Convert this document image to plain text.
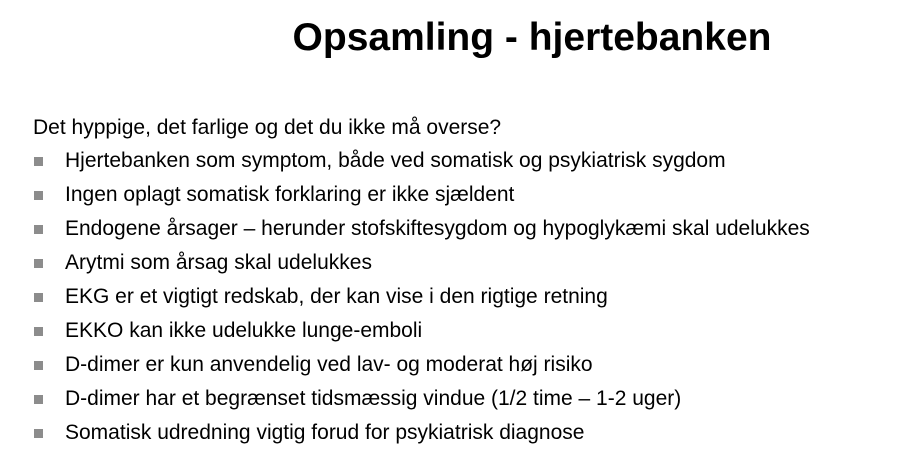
Opsamling - hjertebanken

Det hyppige, det farlige og det du ikke må overse?

Hjertebanken som symptom, både ved somatisk og psykiatrisk sygdom
Ingen oplagt somatisk forklaring er ikke sjældent
Endogene årsager – herunder stofskiftesygdom og hypoglykæmi skal udelukkes
Arytmi som årsag skal udelukkes
EKG er et vigtigt redskab, der kan vise i den rigtige retning
EKKO kan ikke udelukke lunge-emboli
D-dimer er kun anvendelig ved lav- og moderat høj risiko
D-dimer har et begrænset tidsmæssig vindue (1/2 time – 1-2 uger)
Somatisk udredning vigtig forud for psykiatrisk diagnose
